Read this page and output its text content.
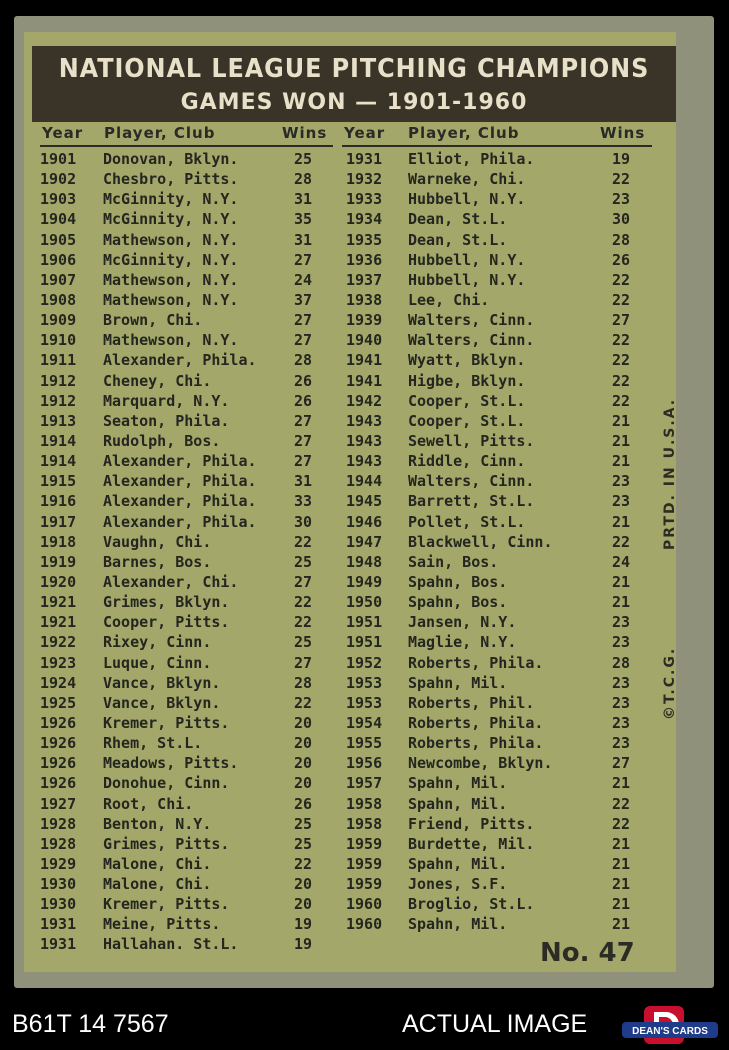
NATIONAL LEAGUE PITCHING CHAMPIONS
GAMES WON — 1901-1960
Year Player, Club	Wins Year Player, Club	Wins
1901 Donovan, Bklyn.	25
1902 Chesbro, Pitts.	28
1903 McGinnity, N.Y.	31
1904 McGinnity, N.Y.	35
1905 Mathewson, N.Y.	31
1906 McGinnity, N.Y.	27
1907 Mathewson, N.Y.	24
1908 Mathewson, N.Y.	37
1909 Brown, Chi.	27
1910 Mathewson, N.Y.	27
1911 Alexander, Phila. 28
1912 Cheney, Chi.	26
1912 Marquard, N.Y.	26
1913 Seaton, Phila.	27
1914 Rudolph, Bos.	27
1914 Alexander, Phila. 27
1915 Alexander, Phila. 31
1916 Alexander, Phila. 33
1917 Alexander, Phila. 30
1918 Vaughn, Chi.	22
1919 Barnes, Bos.	25
1920 Alexander, Chi.	27
1921 Grimes, Bklyn.	22
1921 Cooper, Pitts.	22
1922 Rixey, Cinn.	25
1923 Luque, Cinn.	27
1924 Vance, Bklyn.	28
1925 Vance, Bklyn.	22
1926 Kremer, Pitts.	20
1926 Rhem, St.L.	20
1926 Meadows, Pitts.	20
1926 Donohue, Cinn.	20
1927 Root, Chi.	26
1928 Benton, N.Y.	25
1928 Grimes, Pitts.	25
1929 Malone, Chi.	22
1930 Malone, Chi.	20
1930 Kremer, Pitts.	20
1931 Meine, Pitts.	19
1931 Hallahan. St.L.	19
1931 Elliot, Phila.	19
1932 Warneke, Chi.	22
1933 Hubbell, N.Y.	23
1934 Dean, St.L.	30
1935 Dean, St.L.	28
1936 Hubbell, N.Y.	26
1937 Hubbell, N.Y.	22
1938 Lee, Chi.	22
1939 Walters, Cinn.	27
1940 Walters, Cinn.	22
1941 Wyatt, Bklyn.	22
1941 Higbe, Bklyn.	22
1942 Cooper, St.L.	22
1943 Cooper, St.L.	21
1943 Sewell, Pitts.	21
1943 Riddle, Cinn.	21
1944 Walters, Cinn.	23
1945 Barrett, St.L.	23
1946 Pollet, St.L.	21
1947 Blackwell, Cinn.	22
1948 Sain, Bos.	24
1949 Spahn, Bos.	21
1950 Spahn, Bos.	21
1951 Jansen, N.Y.	23
1951 Maglie, N.Y.	23
1952 Roberts, Phila.	28
1953 Spahn, Mil.	23
1953 Roberts, Phil.	23
1954 Roberts, Phila.	23
1955 Roberts, Phila.	23
1956 Newcombe, Bklyn.	27
1957 Spahn, Mil.	21
1958 Spahn, Mil.	22
1958 Friend, Pitts.	22
1959 Burdette, Mil.	21
1959 Spahn, Mil.	21
1959 Jones, S.F.	21
1960 Broglio, St.L.	21
1960 Spahn, Mil.	21
PRTD. IN U.S.A.
©T.C.G.
No. 47
B61T 14 7567	ACTUAL IMAGE	DEAN'S CARDS
